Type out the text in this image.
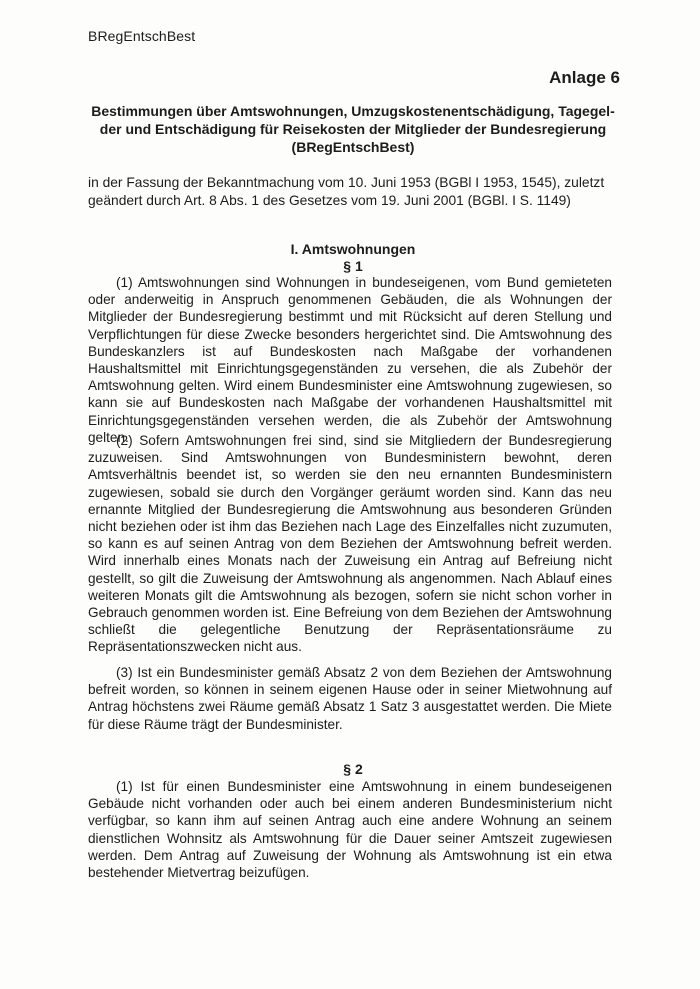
BRegEntschBest
Anlage 6
Bestimmungen über Amtswohnungen, Umzugskostenentschädigung, Tagegel-
der und Entschädigung für Reisekosten der Mitglieder der Bundesregierung
(BRegEntschBest)
in der Fassung der Bekanntmachung vom 10. Juni 1953 (BGBl I 1953, 1545), zuletzt geändert durch Art. 8 Abs. 1 des Gesetzes vom 19. Juni 2001 (BGBl. I S. 1149)
I. Amtswohnungen
§ 1
(1) Amtswohnungen sind Wohnungen in bundeseigenen, vom Bund gemieteten oder anderweitig in Anspruch genommenen Gebäuden, die als Wohnungen der Mitglieder der Bundesregierung bestimmt und mit Rücksicht auf deren Stellung und Verpflichtungen für diese Zwecke besonders hergerichtet sind. Die Amtswohnung des Bundeskanzlers ist auf Bundeskosten nach Maßgabe der vorhandenen Haushaltsmittel mit Einrichtungsgegenständen zu versehen, die als Zubehör der Amtswohnung gelten. Wird einem Bundesminister eine Amtswohnung zugewiesen, so kann sie auf Bundeskosten nach Maßgabe der vorhandenen Haushaltsmittel mit Einrichtungsgegenständen versehen werden, die als Zubehör der Amtswohnung gelten.
(2) Sofern Amtswohnungen frei sind, sind sie Mitgliedern der Bundesregierung zuzuweisen. Sind Amtswohnungen von Bundesministern bewohnt, deren Amtsverhältnis beendet ist, so werden sie den neu ernannten Bundesministern zugewiesen, sobald sie durch den Vorgänger geräumt worden sind. Kann das neu ernannte Mitglied der Bundesregierung die Amtswohnung aus besonderen Gründen nicht beziehen oder ist ihm das Beziehen nach Lage des Einzelfalles nicht zuzumuten, so kann es auf seinen Antrag von dem Beziehen der Amtswohnung befreit werden. Wird innerhalb eines Monats nach der Zuweisung ein Antrag auf Befreiung nicht gestellt, so gilt die Zuweisung der Amtswohnung als angenommen. Nach Ablauf eines weiteren Monats gilt die Amtswohnung als bezogen, sofern sie nicht schon vorher in Gebrauch genommen worden ist. Eine Befreiung von dem Beziehen der Amtswohnung schließt die gelegentliche Benutzung der Repräsentationsräume zu Repräsentationszwecken nicht aus.
(3) Ist ein Bundesminister gemäß Absatz 2 von dem Beziehen der Amtswohnung befreit worden, so können in seinem eigenen Hause oder in seiner Mietwohnung auf Antrag höchstens zwei Räume gemäß Absatz 1 Satz 3 ausgestattet werden. Die Miete für diese Räume trägt der Bundesminister.
§ 2
(1) Ist für einen Bundesminister eine Amtswohnung in einem bundeseigenen Gebäude nicht vorhanden oder auch bei einem anderen Bundesministerium nicht verfügbar, so kann ihm auf seinen Antrag auch eine andere Wohnung an seinem dienstlichen Wohnsitz als Amtswohnung für die Dauer seiner Amtszeit zugewiesen werden. Dem Antrag auf Zuweisung der Wohnung als Amtswohnung ist ein etwa bestehender Mietvertrag beizufügen.
